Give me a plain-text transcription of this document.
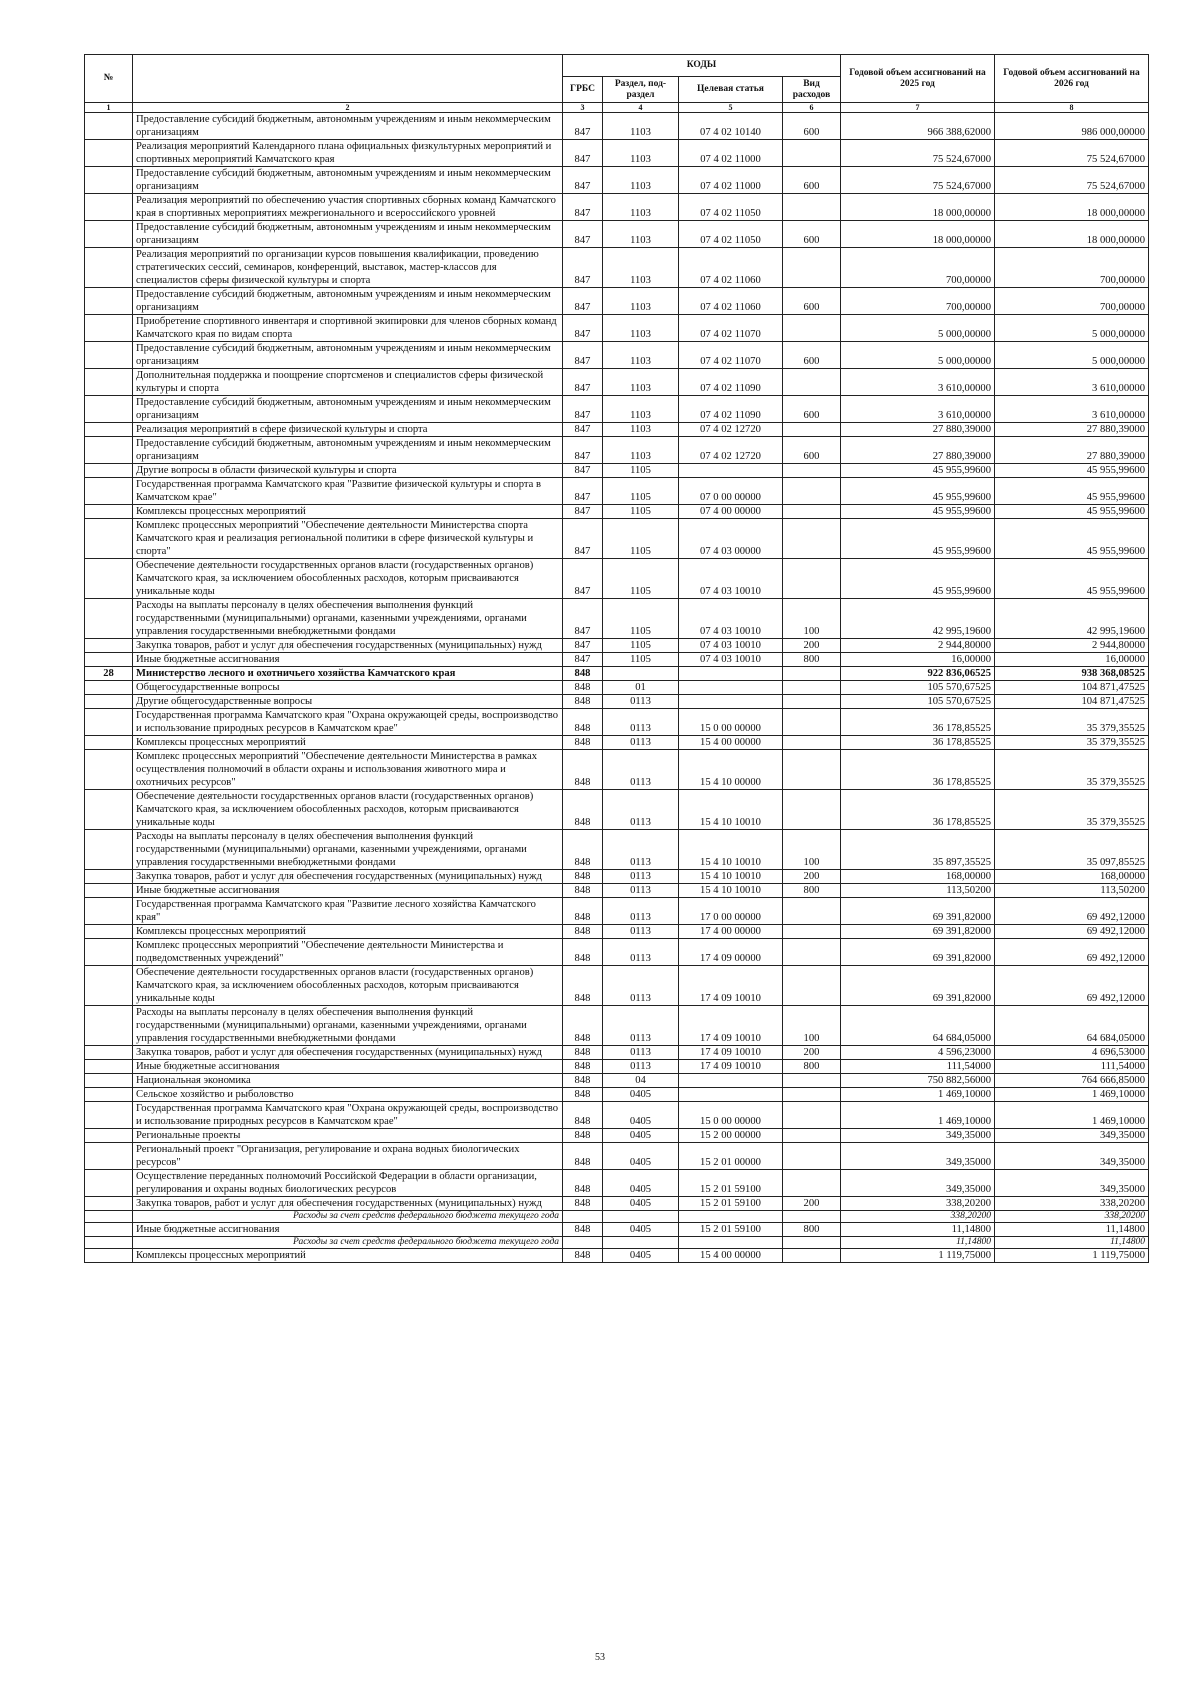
№		КОДЫ				Годовой объем ассигнований на 2025 год	Годовой объем ассигнований на 2026 год
		ГРБС	Раздел, под-раздел	Целевая статья	Вид расходов		
1	2	3	4	5	6	7	8
	Предоставление субсидий бюджетным, автономным учреждениям и иным некоммерческим организациям	847	1103	07 4 02 10140	600	966 388,62000	986 000,00000
	Реализация мероприятий Календарного плана официальных физкультурных мероприятий и спортивных мероприятий Камчатского края	847	1103	07 4 02 11000		75 524,67000	75 524,67000
	Предоставление субсидий бюджетным, автономным учреждениям и иным некоммерческим организациям	847	1103	07 4 02 11000	600	75 524,67000	75 524,67000
	Реализация мероприятий по обеспечению участия спортивных сборных команд Камчатского края в спортивных мероприятиях межрегионального и всероссийского уровней	847	1103	07 4 02 11050		18 000,00000	18 000,00000
	Предоставление субсидий бюджетным, автономным учреждениям и иным некоммерческим организациям	847	1103	07 4 02 11050	600	18 000,00000	18 000,00000
	Реализация мероприятий по организации курсов повышения квалификации, проведению стратегических сессий, семинаров, конференций, выставок, мастер-классов для специалистов сферы физической культуры и спорта	847	1103	07 4 02 11060		700,00000	700,00000
	Предоставление субсидий бюджетным, автономным учреждениям и иным некоммерческим организациям	847	1103	07 4 02 11060	600	700,00000	700,00000
	Приобретение спортивного инвентаря и спортивной экипировки для членов сборных команд Камчатского края по видам спорта	847	1103	07 4 02 11070		5 000,00000	5 000,00000
	Предоставление субсидий бюджетным, автономным учреждениям и иным некоммерческим организациям	847	1103	07 4 02 11070	600	5 000,00000	5 000,00000
	Дополнительная поддержка и поощрение спортсменов и специалистов сферы физической культуры и спорта	847	1103	07 4 02 11090		3 610,00000	3 610,00000
	Предоставление субсидий бюджетным, автономным учреждениям и иным некоммерческим организациям	847	1103	07 4 02 11090	600	3 610,00000	3 610,00000
	Реализация мероприятий в сфере физической культуры и спорта	847	1103	07 4 02 12720		27 880,39000	27 880,39000
	Предоставление субсидий бюджетным, автономным учреждениям и иным некоммерческим организациям	847	1103	07 4 02 12720	600	27 880,39000	27 880,39000
	Другие вопросы в области физической культуры и спорта	847	1105			45 955,99600	45 955,99600
	Государственная программа Камчатского края "Развитие физической культуры и спорта в Камчатском крае"	847	1105	07 0 00 00000		45 955,99600	45 955,99600
	Комплексы процессных мероприятий	847	1105	07 4 00 00000		45 955,99600	45 955,99600
	Комплекс процессных мероприятий "Обеспечение деятельности Министерства спорта Камчатского края и реализация региональной политики в сфере физической культуры и спорта"	847	1105	07 4 03 00000		45 955,99600	45 955,99600
	Обеспечение деятельности государственных органов власти (государственных органов) Камчатского края, за исключением обособленных расходов, которым присваиваются уникальные коды	847	1105	07 4 03 10010		45 955,99600	45 955,99600
	Расходы на выплаты персоналу в целях обеспечения выполнения функций государственными (муниципальными) органами, казенными учреждениями, органами управления государственными внебюджетными фондами	847	1105	07 4 03 10010	100	42 995,19600	42 995,19600
	Закупка товаров, работ и услуг для обеспечения государственных (муниципальных) нужд	847	1105	07 4 03 10010	200	2 944,80000	2 944,80000
	Иные бюджетные ассигнования	847	1105	07 4 03 10010	800	16,00000	16,00000
28	Министерство лесного и охотничьего хозяйства Камчатского края	848				922 836,06525	938 368,08525
	Общегосударственные вопросы	848	01			105 570,67525	104 871,47525
	Другие общегосударственные вопросы	848	0113			105 570,67525	104 871,47525
	Государственная программа Камчатского края "Охрана окружающей среды, воспроизводство и использование природных ресурсов в Камчатском крае"	848	0113	15 0 00 00000		36 178,85525	35 379,35525
	Комплексы процессных мероприятий	848	0113	15 4 00 00000		36 178,85525	35 379,35525
	Комплекс процессных мероприятий "Обеспечение деятельности Министерства в рамках осуществления полномочий в области охраны и использования животного мира и охотничьих ресурсов"	848	0113	15 4 10 00000		36 178,85525	35 379,35525
	Обеспечение деятельности государственных органов власти (государственных органов) Камчатского края, за исключением обособленных расходов, которым присваиваются уникальные коды	848	0113	15 4 10 10010		36 178,85525	35 379,35525
	Расходы на выплаты персоналу в целях обеспечения выполнения функций государственными (муниципальными) органами, казенными учреждениями, органами управления государственными внебюджетными фондами	848	0113	15 4 10 10010	100	35 897,35525	35 097,85525
	Закупка товаров, работ и услуг для обеспечения государственных (муниципальных) нужд	848	0113	15 4 10 10010	200	168,00000	168,00000
	Иные бюджетные ассигнования	848	0113	15 4 10 10010	800	113,50200	113,50200
	Государственная программа Камчатского края "Развитие лесного хозяйства Камчатского края"	848	0113	17 0 00 00000		69 391,82000	69 492,12000
	Комплексы процессных мероприятий	848	0113	17 4 00 00000		69 391,82000	69 492,12000
	Комплекс процессных мероприятий "Обеспечение деятельности Министерства и подведомственных учреждений"	848	0113	17 4 09 00000		69 391,82000	69 492,12000
	Обеспечение деятельности государственных органов власти (государственных органов) Камчатского края, за исключением обособленных расходов, которым присваиваются уникальные коды	848	0113	17 4 09 10010		69 391,82000	69 492,12000
	Расходы на выплаты персоналу в целях обеспечения выполнения функций государственными (муниципальными) органами, казенными учреждениями, органами управления государственными внебюджетными фондами	848	0113	17 4 09 10010	100	64 684,05000	64 684,05000
	Закупка товаров, работ и услуг для обеспечения государственных (муниципальных) нужд	848	0113	17 4 09 10010	200	4 596,23000	4 696,53000
	Иные бюджетные ассигнования	848	0113	17 4 09 10010	800	111,54000	111,54000
	Национальная экономика	848	04			750 882,56000	764 666,85000
	Сельское хозяйство и рыболовство	848	0405			1 469,10000	1 469,10000
	Государственная программа Камчатского края "Охрана окружающей среды, воспроизводство и использование природных ресурсов в Камчатском крае"	848	0405	15 0 00 00000		1 469,10000	1 469,10000
	Региональные проекты	848	0405	15 2 00 00000		349,35000	349,35000
	Региональный проект "Организация, регулирование и охрана водных биологических ресурсов"	848	0405	15 2 01 00000		349,35000	349,35000
	Осуществление переданных полномочий Российской Федерации в области организации, регулирования и охраны водных биологических ресурсов	848	0405	15 2 01 59100		349,35000	349,35000
	Закупка товаров, работ и услуг для обеспечения государственных (муниципальных) нужд	848	0405	15 2 01 59100	200	338,20200	338,20200
	Расходы за счет средств федерального бюджета текущего года					338,20200	338,20200
	Иные бюджетные ассигнования	848	0405	15 2 01 59100	800	11,14800	11,14800
	Расходы за счет средств федерального бюджета текущего года					11,14800	11,14800
	Комплексы процессных мероприятий	848	0405	15 4 00 00000		1 119,75000	1 119,75000
53
